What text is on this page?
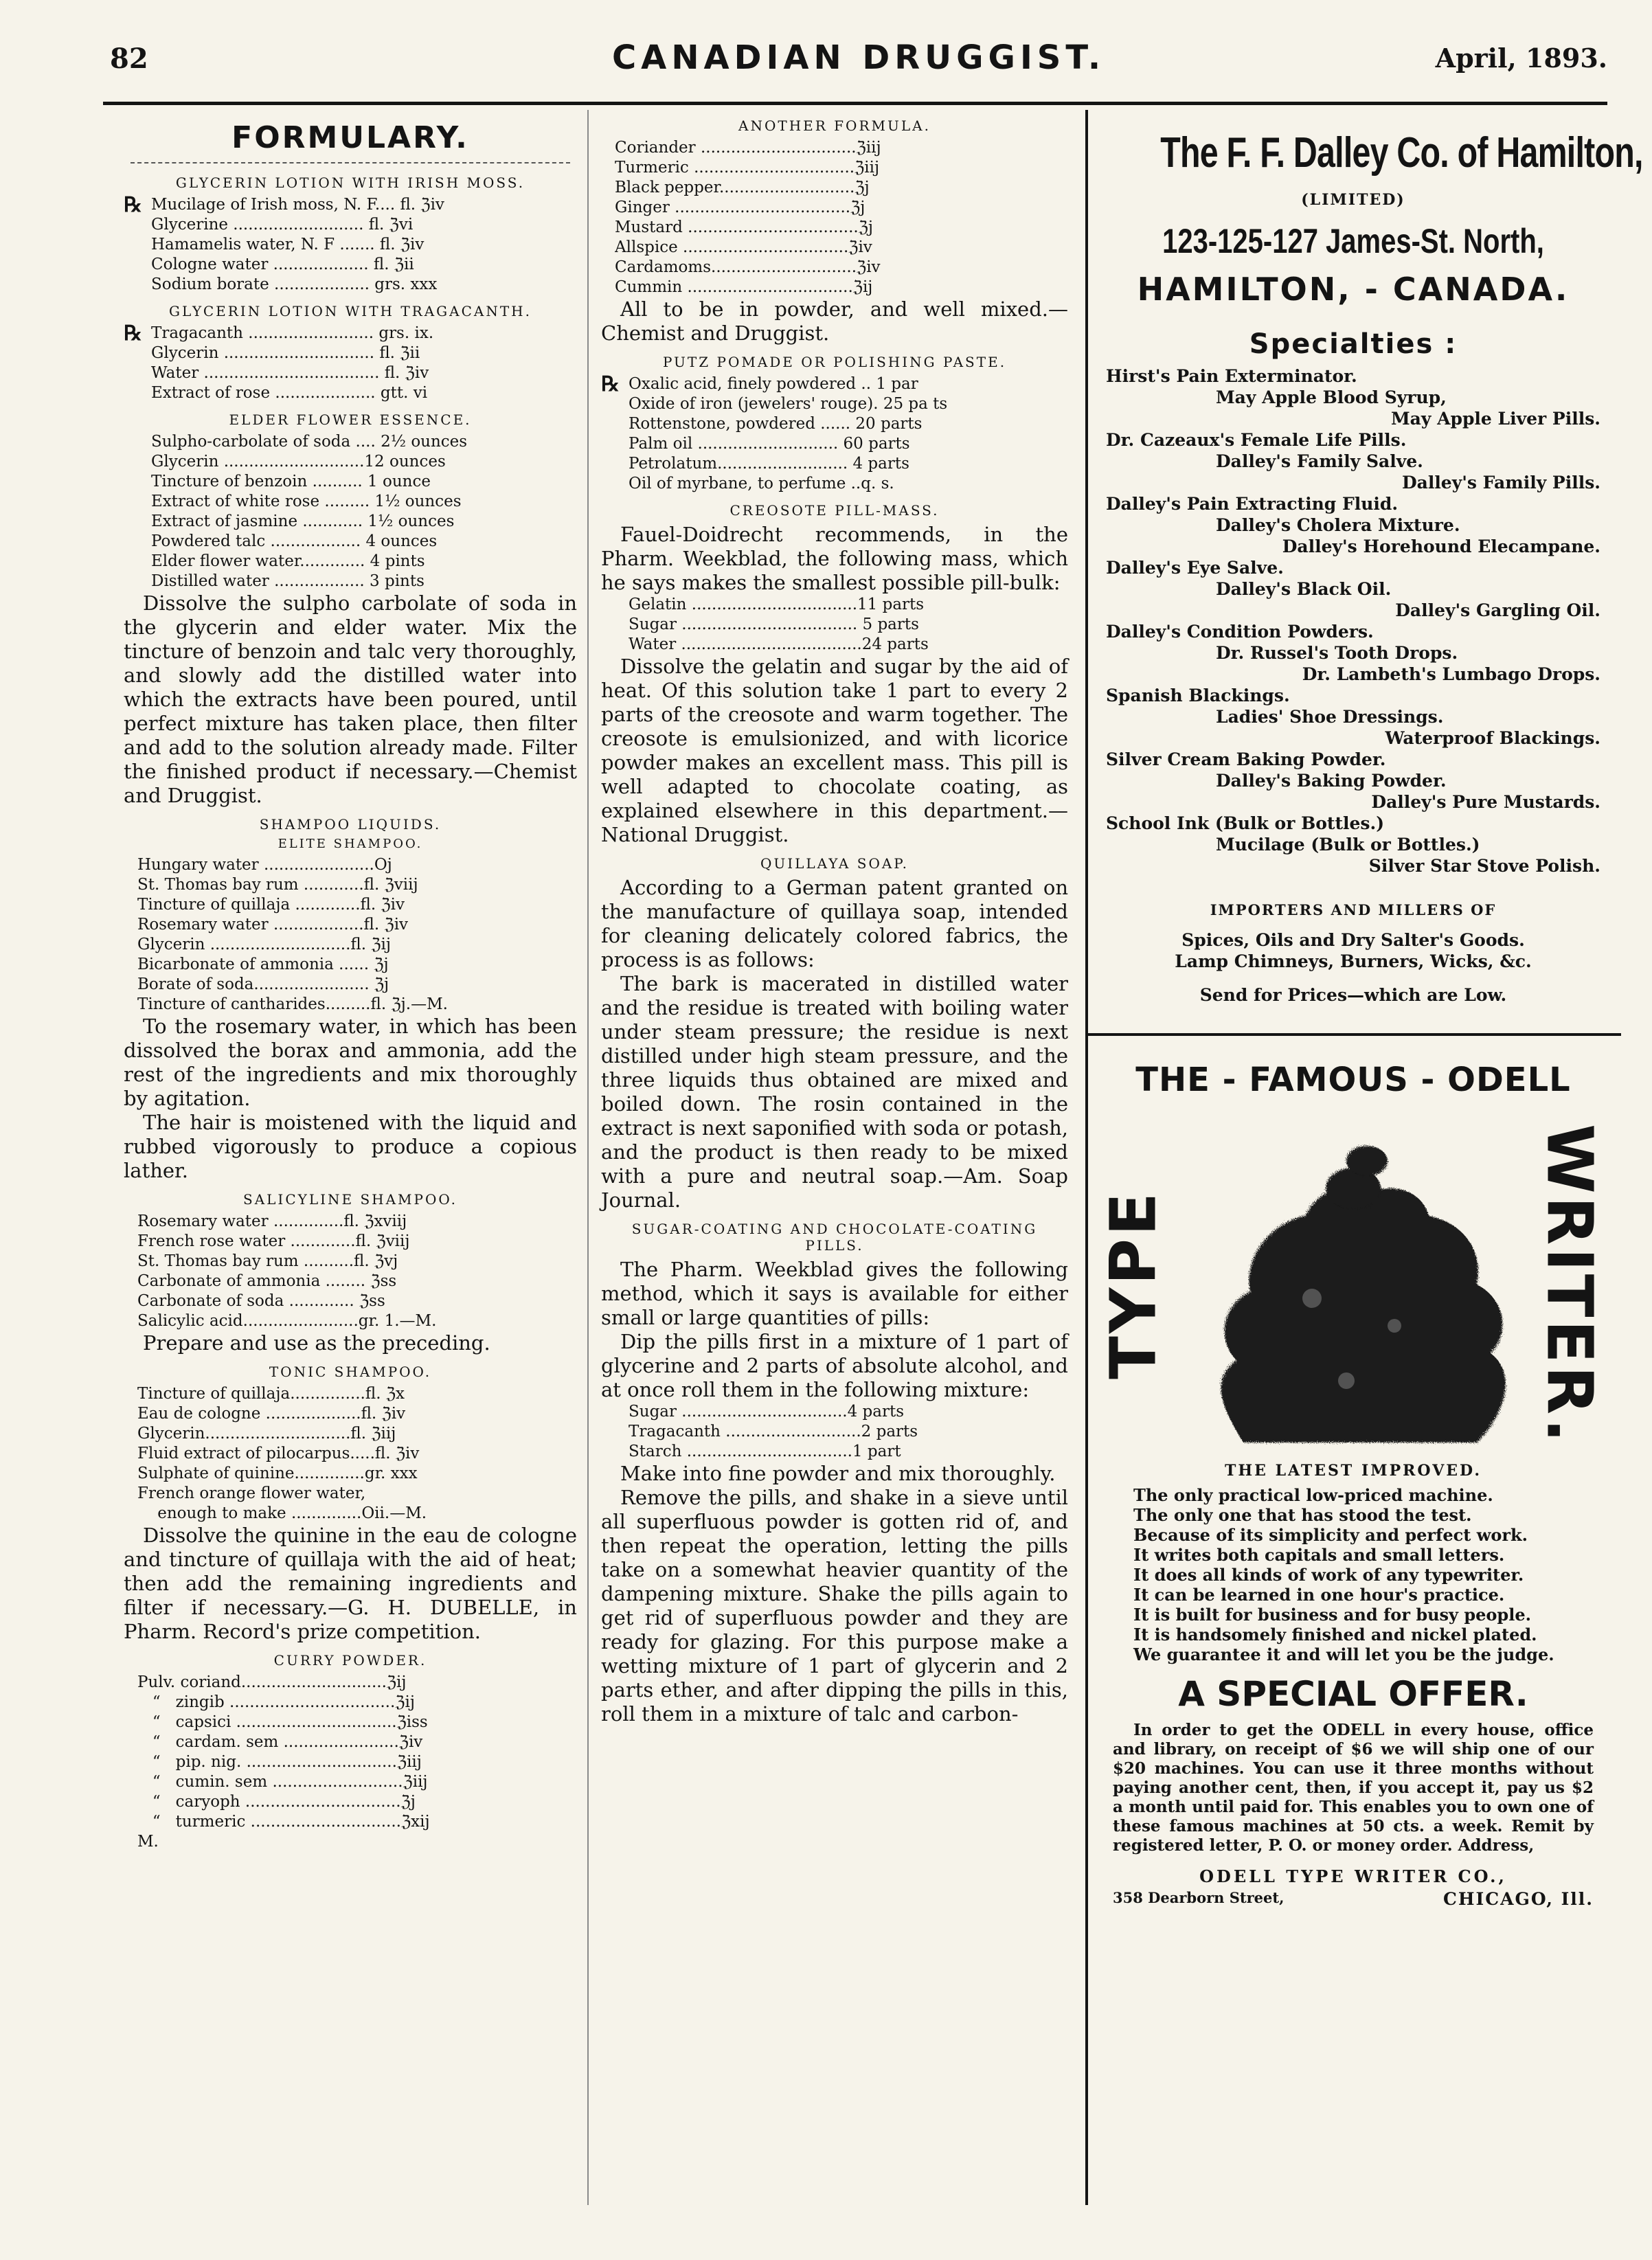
82	CANADIAN DRUGGIST.	April, 1893.
FORMULARY.
GLYCERIN LOTION WITH IRISH MOSS.
℞ Mucilage of Irish moss, N. F.... fl. ℨiv
Glycerine .......................... fl. ℨvi
Hamamelis water, N. F ....... fl. ℨiv
Cologne water ................... fl. ℨii
Sodium borate ................... grs. xxx
GLYCERIN LOTION WITH TRAGACANTH.
℞ Tragacanth ......................... grs. ix.
Glycerin .............................. fl. ℨii
Water ................................... fl. ℨiv
Extract of rose .................... gtt. vi
ELDER FLOWER ESSENCE.
Sulpho-carbolate of soda .... 2½ ounces
Glycerin ............................12 ounces
Tincture of benzoin .......... 1 ounce
Extract of white rose ......... 1½ ounces
Extract of jasmine ............ 1½ ounces
Powdered talc .................. 4 ounces
Elder flower water............. 4 pints
Distilled water .................. 3 pints

Dissolve the sulpho carbolate of soda in the glycerin and elder water. Mix the tincture of benzoin and talc very thoroughly, and slowly add the distilled water into which the extracts have been poured, until perfect mixture has taken place, then filter and add to the solution already made. Filter the finished product if necessary.—Chemist and Druggist.

SHAMPOO LIQUIDS.
ELITE SHAMPOO.
Hungary water ......................Oj
St. Thomas bay rum ............fl. ℨviij
Tincture of quillaja .............fl. ℨiv
Rosemary water ..................fl. ℨiv
Glycerin ............................fl. ℨij
Bicarbonate of ammonia ...... ℨj
Borate of soda....................... ℨj
Tincture of cantharides.........fl. ℨj.—M.

To the rosemary water, in which has been dissolved the borax and ammonia, add the rest of the ingredients and mix thoroughly by agitation.

The hair is moistened with the liquid and rubbed vigorously to produce a copious lather.

SALICYLINE SHAMPOO.
Rosemary water ..............fl. ℨxviij
French rose water .............fl. ℨviij
St. Thomas bay rum ..........fl. ℨvj
Carbonate of ammonia ........ ℨss
Carbonate of soda ............. ℨss
Salicylic acid.......................gr. 1.—M.

Prepare and use as the preceding.

TONIC SHAMPOO.
Tincture of quillaja...............fl. ℨx
Eau de cologne ...................fl. ℨiv
Glycerin.............................fl. ℨiij
Fluid extract of pilocarpus.....fl. ℨiv
Sulphate of quinine..............gr. xxx
French orange flower water,
enough to make ..............Oii.—M.

Dissolve the quinine in the eau de cologne and tincture of quillaja with the aid of heat; then add the remaining ingredients and filter if necessary.—G. H. DUBELLE, in Pharm. Record's prize competition.

CURRY POWDER.
Pulv. coriand.............................ℨij
“   zingib .................................ℨij
“   capsici ................................ℨiss
“   cardam. sem .......................ℨiv
“   pip. nig. ..............................ℨiij
“   cumin. sem ..........................ℨiij
“   caryoph ...............................ℨj
“   turmeric ..............................ℨxij
M.
ANOTHER FORMULA.
Coriander ...............................ℨiij
Turmeric ................................ℨiij
Black pepper...........................ℨj
Ginger ...................................ℨj
Mustard ..................................ℨj
Allspice .................................ℨiv
Cardamoms.............................ℨiv
Cummin .................................ℨij

All to be in powder, and well mixed.—Chemist and Druggist.

PUTZ POMADE OR POLISHING PASTE.
℞ Oxalic acid, finely powdered .. 1 par
Oxide of iron (jewelers' rouge). 25 pa ts
Rottenstone, powdered ...... 20 parts
Palm oil ............................ 60 parts
Petrolatum.......................... 4 parts
Oil of myrbane, to perfume ..q. s.
CREOSOTE PILL-MASS.

Fauel-Doidrecht recommends, in the Pharm. Weekblad, the following mass, which he says makes the smallest possible pill-bulk:

Gelatin .................................11 parts
Sugar ................................... 5 parts
Water ....................................24 parts

Dissolve the gelatin and sugar by the aid of heat. Of this solution take 1 part to every 2 parts of the creosote and warm together. The creosote is emulsionized, and with licorice powder makes an excellent mass. This pill is well adapted to chocolate coating, as explained elsewhere in this department.—National Druggist.

QUILLAYA SOAP.

According to a German patent granted on the manufacture of quillaya soap, intended for cleaning delicately colored fabrics, the process is as follows:

The bark is macerated in distilled water and the residue is treated with boiling water under steam pressure; the residue is next distilled under high steam pressure, and the three liquids thus obtained are mixed and boiled down. The rosin contained in the extract is next saponified with soda or potash, and the product is then ready to be mixed with a pure and neutral soap.—Am. Soap Journal.

SUGAR-COATING AND CHOCOLATE-COATING PILLS.

The Pharm. Weekblad gives the following method, which it says is available for either small or large quantities of pills:

Dip the pills first in a mixture of 1 part of glycerine and 2 parts of absolute alcohol, and at once roll them in the following mixture:

Sugar .................................4 parts
Tragacanth ...........................2 parts
Starch .................................1 part

Make into fine powder and mix thoroughly.

Remove the pills, and shake in a sieve until all superfluous powder is gotten rid of, and then repeat the operation, letting the pills take on a somewhat heavier quantity of the dampening mixture. Shake the pills again to get rid of superfluous powder and they are ready for glazing. For this purpose make a wetting mixture of 1 part of glycerin and 2 parts ether, and after dipping the pills in this, roll them in a mixture of talc and carbon-

The F. F. Dalley Co. of Hamilton,
(LIMITED)
123-125-127 James-St. North,
HAMILTON, - CANADA.
Specialties :
Hirst's Pain Exterminator.
May Apple Blood Syrup,
May Apple Liver Pills.
Dr. Cazeaux's Female Life Pills.
Dalley's Family Salve.
Dalley's Family Pills.
Dalley's Pain Extracting Fluid.
Dalley's Cholera Mixture.
Dalley's Horehound Elecampane.
Dalley's Eye Salve.
Dalley's Black Oil.
Dalley's Gargling Oil.
Dalley's Condition Powders.
Dr. Russel's Tooth Drops.
Dr. Lambeth's Lumbago Drops.
Spanish Blackings.
Ladies' Shoe Dressings.
Waterproof Blackings.
Silver Cream Baking Powder.
Dalley's Baking Powder.
Dalley's Pure Mustards.
School Ink (Bulk or Bottles.)
Mucilage (Bulk or Bottles.)
Silver Star Stove Polish.
IMPORTERS AND MILLERS OF
Spices, Oils and Dry Salter's Goods.
Lamp Chimneys, Burners, Wicks, &c.
Send for Prices—which are Low.
THE - FAMOUS - ODELL
TYPE	WRITER.
THE LATEST IMPROVED.
The only practical low-priced machine.
The only one that has stood the test.
Because of its simplicity and perfect work.
It writes both capitals and small letters.
It does all kinds of work of any typewriter.
It can be learned in one hour's practice.
It is built for business and for busy people.
It is handsomely finished and nickel plated.
We guarantee it and will let you be the judge.
A SPECIAL OFFER.

In order to get the ODELL in every house, office and library, on receipt of $6 we will ship one of our $20 machines. You can use it three months without paying another cent, then, if you accept it, pay us $2 a month until paid for. This enables you to own one of these famous machines at 50 cts. a week. Remit by registered letter, P. O. or money order. Address,

ODELL TYPE WRITER CO.,
358 Dearborn Street,	CHICAGO, Ill.
